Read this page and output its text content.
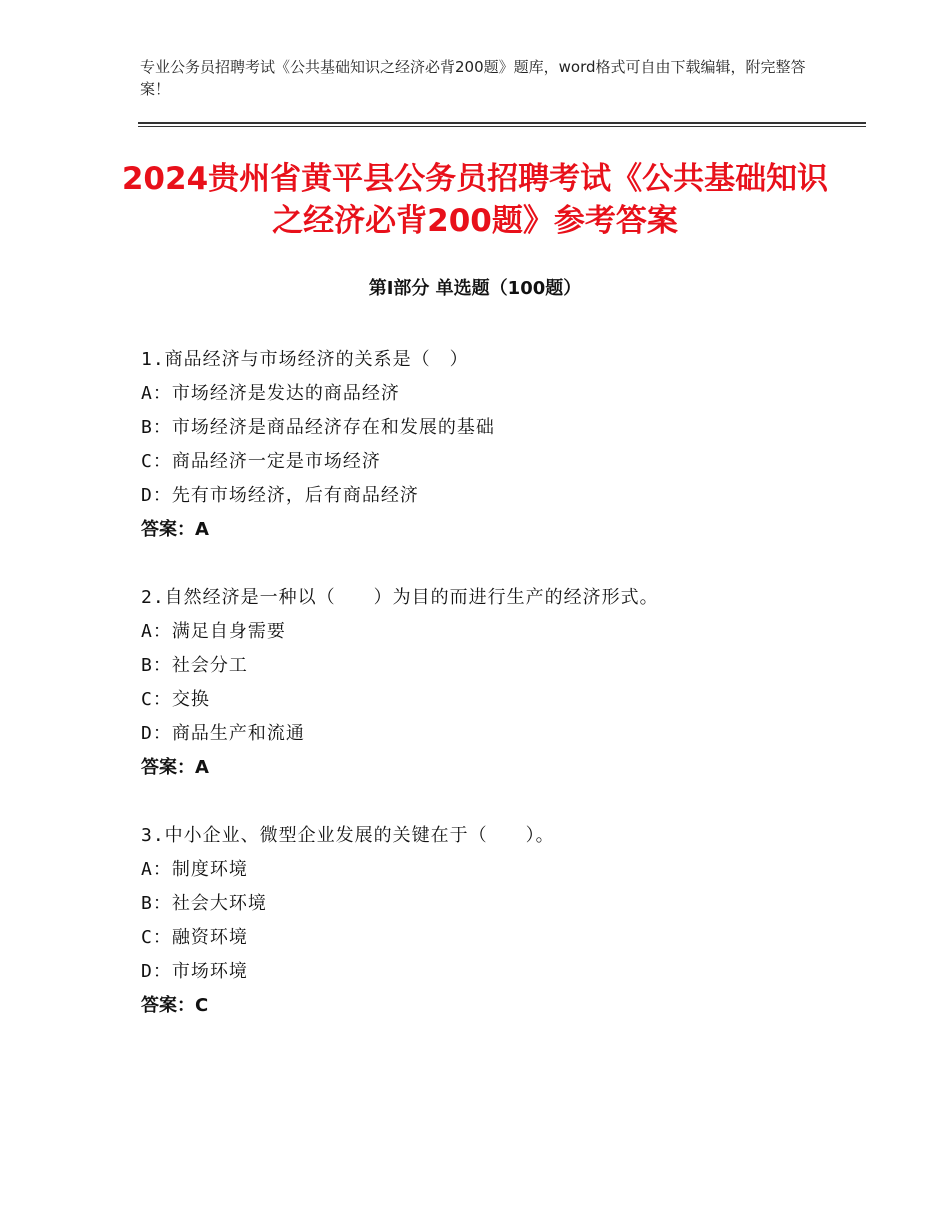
专业公务员招聘考试《公共基础知识之经济必背200题》题库，word格式可自由下载编辑，附完整答案！
2024贵州省黄平县公务员招聘考试《公共基础知识之经济必背200题》参考答案
第Ⅰ部分 单选题（100题）
1.商品经济与市场经济的关系是（　）
A：市场经济是发达的商品经济
B：市场经济是商品经济存在和发展的基础
C：商品经济一定是市场经济
D：先有市场经济，后有商品经济
答案：A
2.自然经济是一种以（　　）为目的而进行生产的经济形式。
A：满足自身需要
B：社会分工
C：交换
D：商品生产和流通
答案：A
3.中小企业、微型企业发展的关键在于（　　）。
A：制度环境
B：社会大环境
C：融资环境
D：市场环境
答案：C
